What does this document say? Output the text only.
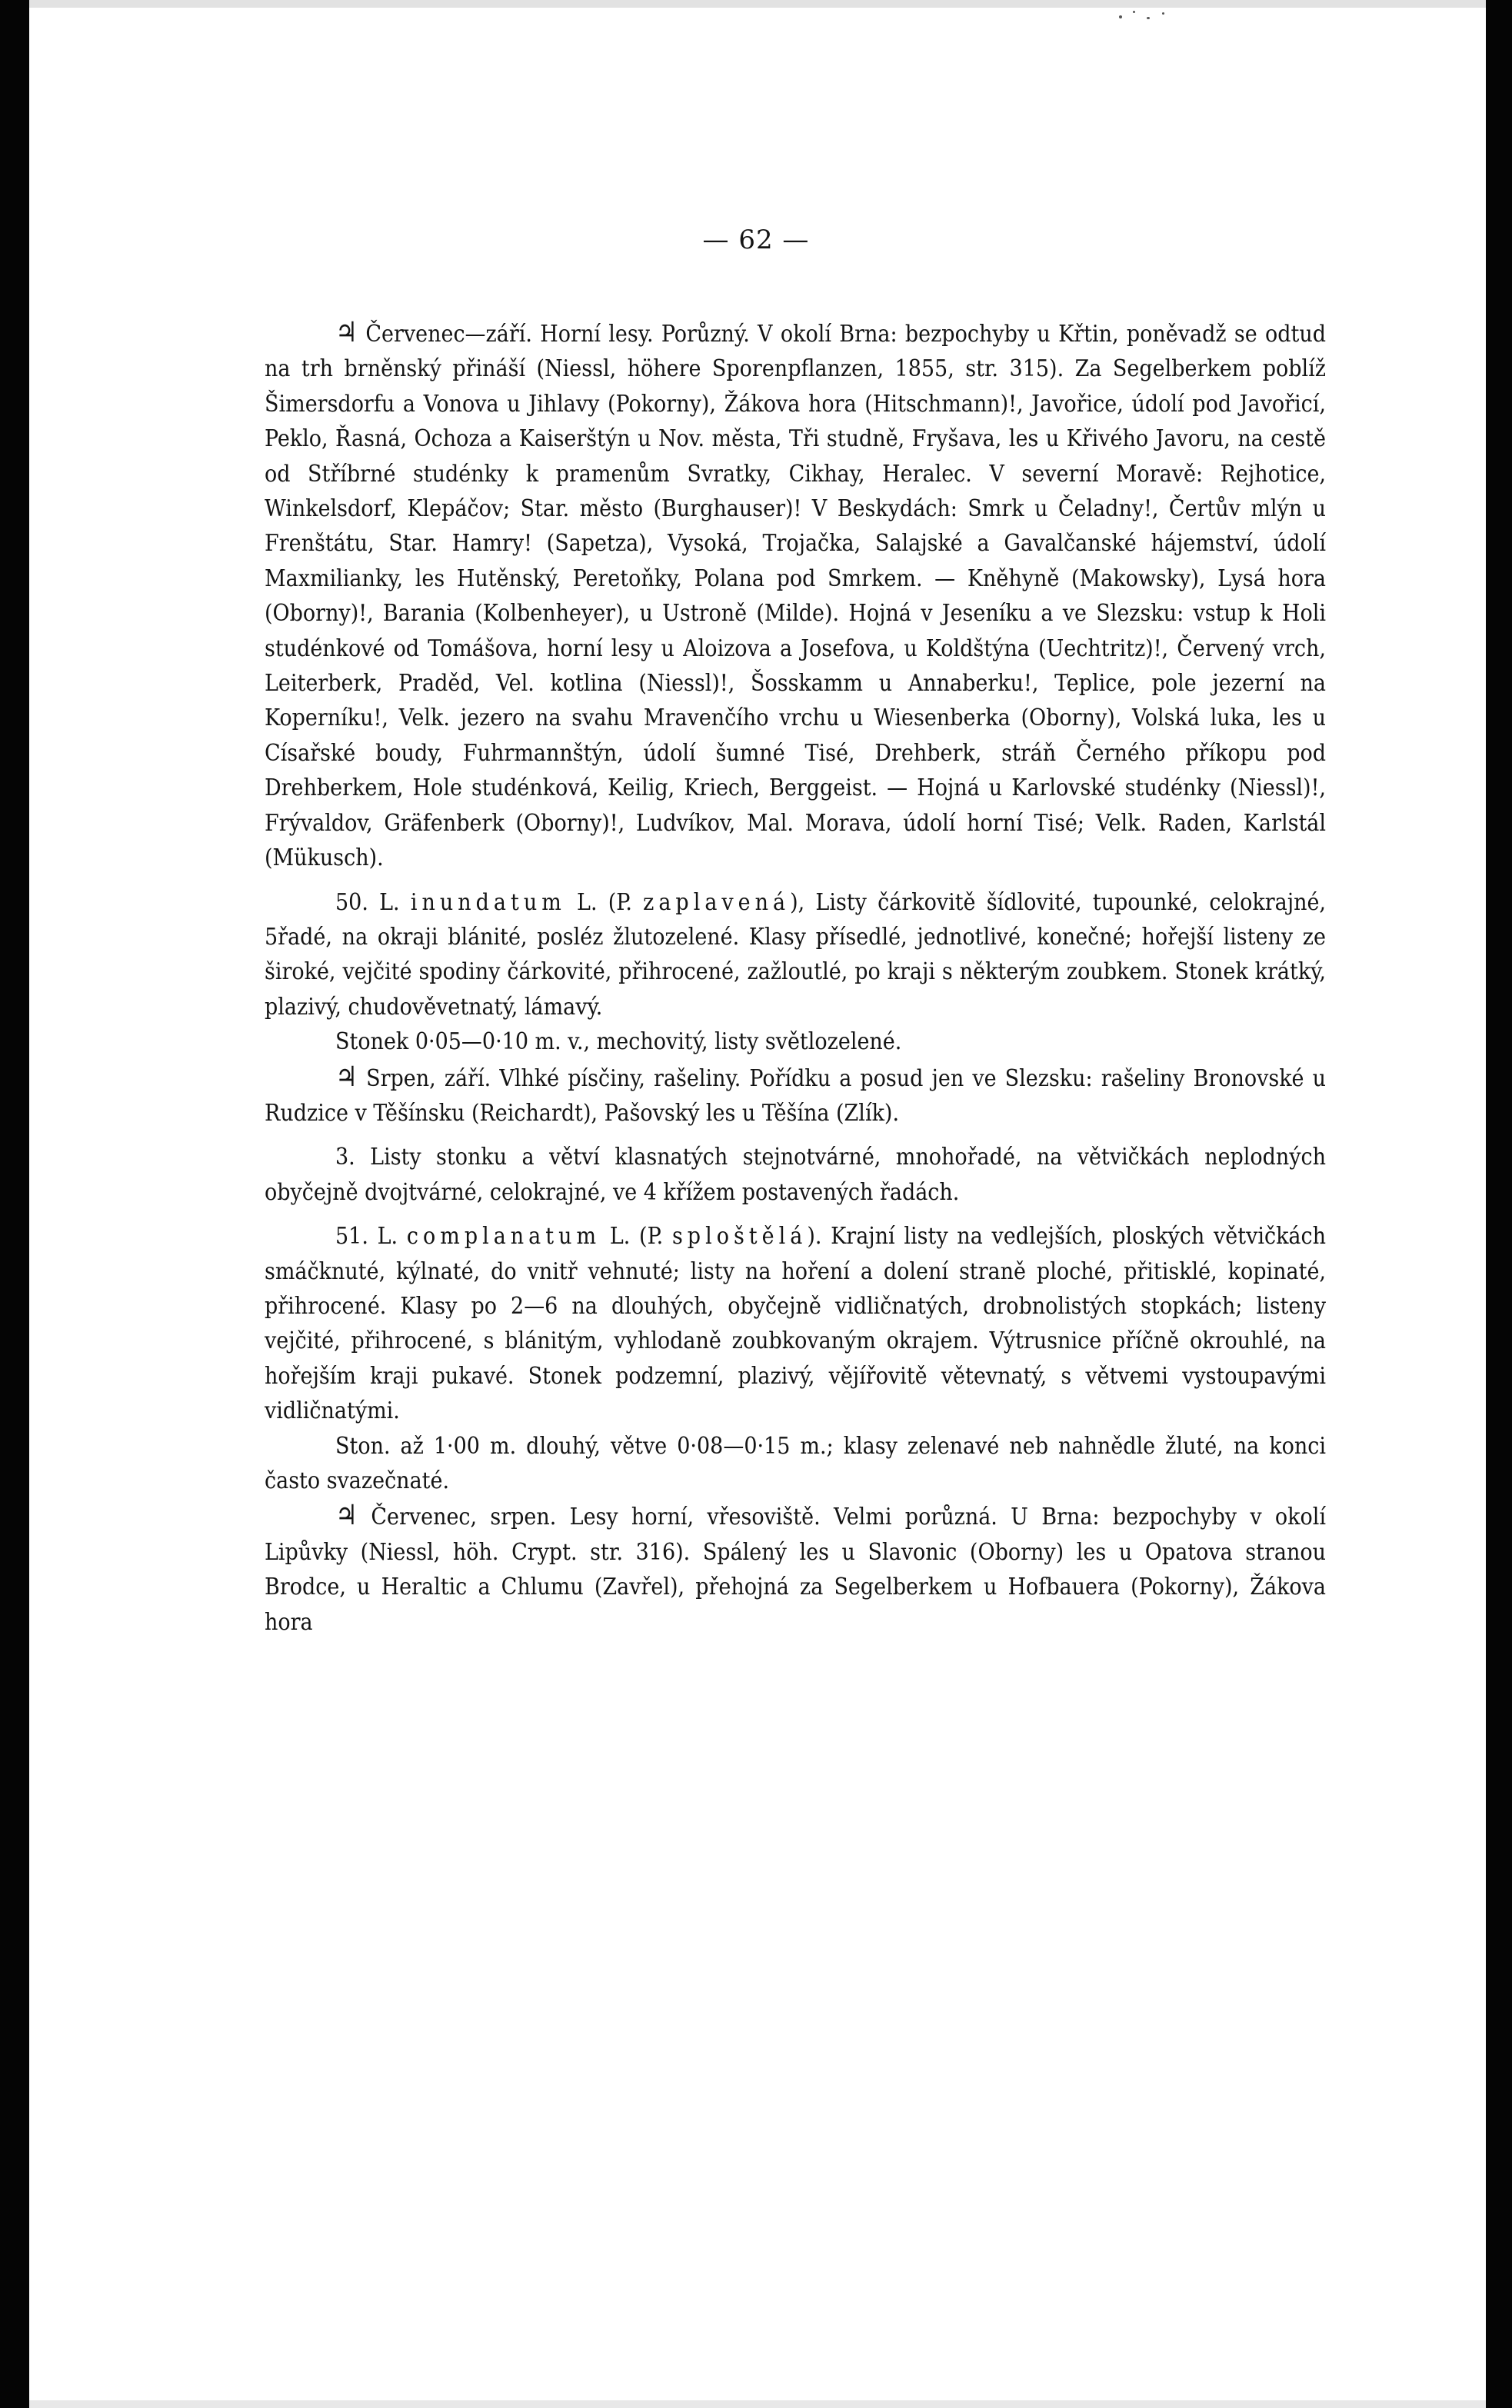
— 62 —

♃ Červenec—září. Horní lesy. Porůzný. V okolí Brna: bezpochyby u Křtin, poněvadž se odtud na trh brněnský přináší (Niessl, höhere Sporenpflanzen, 1855, str. 315). Za Segelberkem poblíž Šimersdorfu a Vonova u Jihlavy (Pokorny), Žákova hora (Hitschmann)!, Javořice, údolí pod Javořicí, Peklo, Řasná, Ochoza a Kaiseršt‍ýn u Nov. města, Tři studně, Fryšava, les u Křivého Javoru, na cestě od Stříbrné studénky k pramenům Svratky, Cikhay, Heralec. V severní Moravě: Rejhotice, Winkelsdorf, Klepáčov; Star. město (Burghauser)! V Beskydách: Smrk u Čeladny!, Čertův mlýn u Frenštátu, Star. Hamry! (Sapetza), Vysoká, Trojačka, Salajské a Gavalčanské hájemství, údolí Maxmilianky, les Hutěnský, Peretoňky, Polana pod Smrkem. — Kněhyně (Makowsky), Lysá hora (Oborny)!, Barania (Kolbenheyer), u Ustroně (Milde). Hojná v Jeseníku a ve Slezsku: vstup k Holi studénkové od Tomášova, horní lesy u Aloizova a Josefova, u Koldštýna (Uechtritz)!, Červený vrch, Leiterberk, Praděd, Vel. kotlina (Niessl)!, Šosskamm u Annaberku!, Teplice, pole jezerní na Koperníku!, Velk. jezero na svahu Mravenčího vrchu u Wiesenberka (Oborny), Volská luka, les u Císařské boudy, Fuhrmannštýn, údolí šumné Tisé, Drehberk, stráň Černého příkopu pod Drehberkem, Hole studénková, Keilig, Kriech, Berggeist. — Hojná u Karlovské studénky (Niessl)!, Frývaldov, Gräfenberk (Oborny)!, Ludvíkov, Mal. Morava, údolí horní Tisé; Velk. Raden, Karlstál (Mükusch).

50. L. inundatum L. (P. zaplavená), Listy čárkovitě šídlovité, tupounké, celokrajné, 5řadé, na okraji blánité, posléz žlutozelené. Klasy přísedlé, jednotlivé, konečné; hořejší listeny ze široké, vejčité spodiny čárkovité, přihrocené, zažloutlé, po kraji s některým zoubkem. Stonek krátký, plazivý, chudověvetnatý, lámavý.

Stonek 0·05—0·10 m. v., mechovitý, listy světlozelené.

♃ Srpen, září. Vlhké písčiny, rašeliny. Pořídku a posud jen ve Slezsku: rašeliny Bronovské u Rudzice v Těšínsku (Reichardt), Pašovský les u Těšína (Zlík).

3. Listy stonku a větví klasnatých stejnotvárné, mnohořadé, na větvičkách neplodných obyčejně dvojtvárné, celokrajné, ve 4 křížem postavených řadách.

51. L. complanatum L. (P. sploštělá). Krajní listy na vedlejších, ploských větvičkách smáčknuté, kýlnaté, do vnitř vehnuté; listy na hoření a dolení straně ploché, přitisklé, kopinaté, přihrocené. Klasy po 2—6 na dlouhých, obyčejně vidličnatých, drobnolistých stopkách; listeny vejčité, přihrocené, s blánitým, vyhlodaně zoubkovaným okrajem. Výtrusnice příčně okrouhlé, na hořejším kraji pukavé. Stonek podzemní, plazivý, vějířovitě větevnatý, s větvemi vystoupavými vidličnatými.

Ston. až 1·00 m. dlouhý, větve 0·08—0·15 m.; klasy zelenavé neb nahnědle žluté, na konci často svazečnaté.

♃ Červenec, srpen. Lesy horní, vřesoviště. Velmi porůzná. U Brna: bezpochyby v okolí Lipůvky (Niessl, höh. Crypt. str. 316). Spálený les u Slavonic (Oborny) les u Opatova stranou Brodce, u Heraltic a Chlumu (Zavřel), přehojná za Segelberkem u Hofbauera (Pokorny), Žákova hora
